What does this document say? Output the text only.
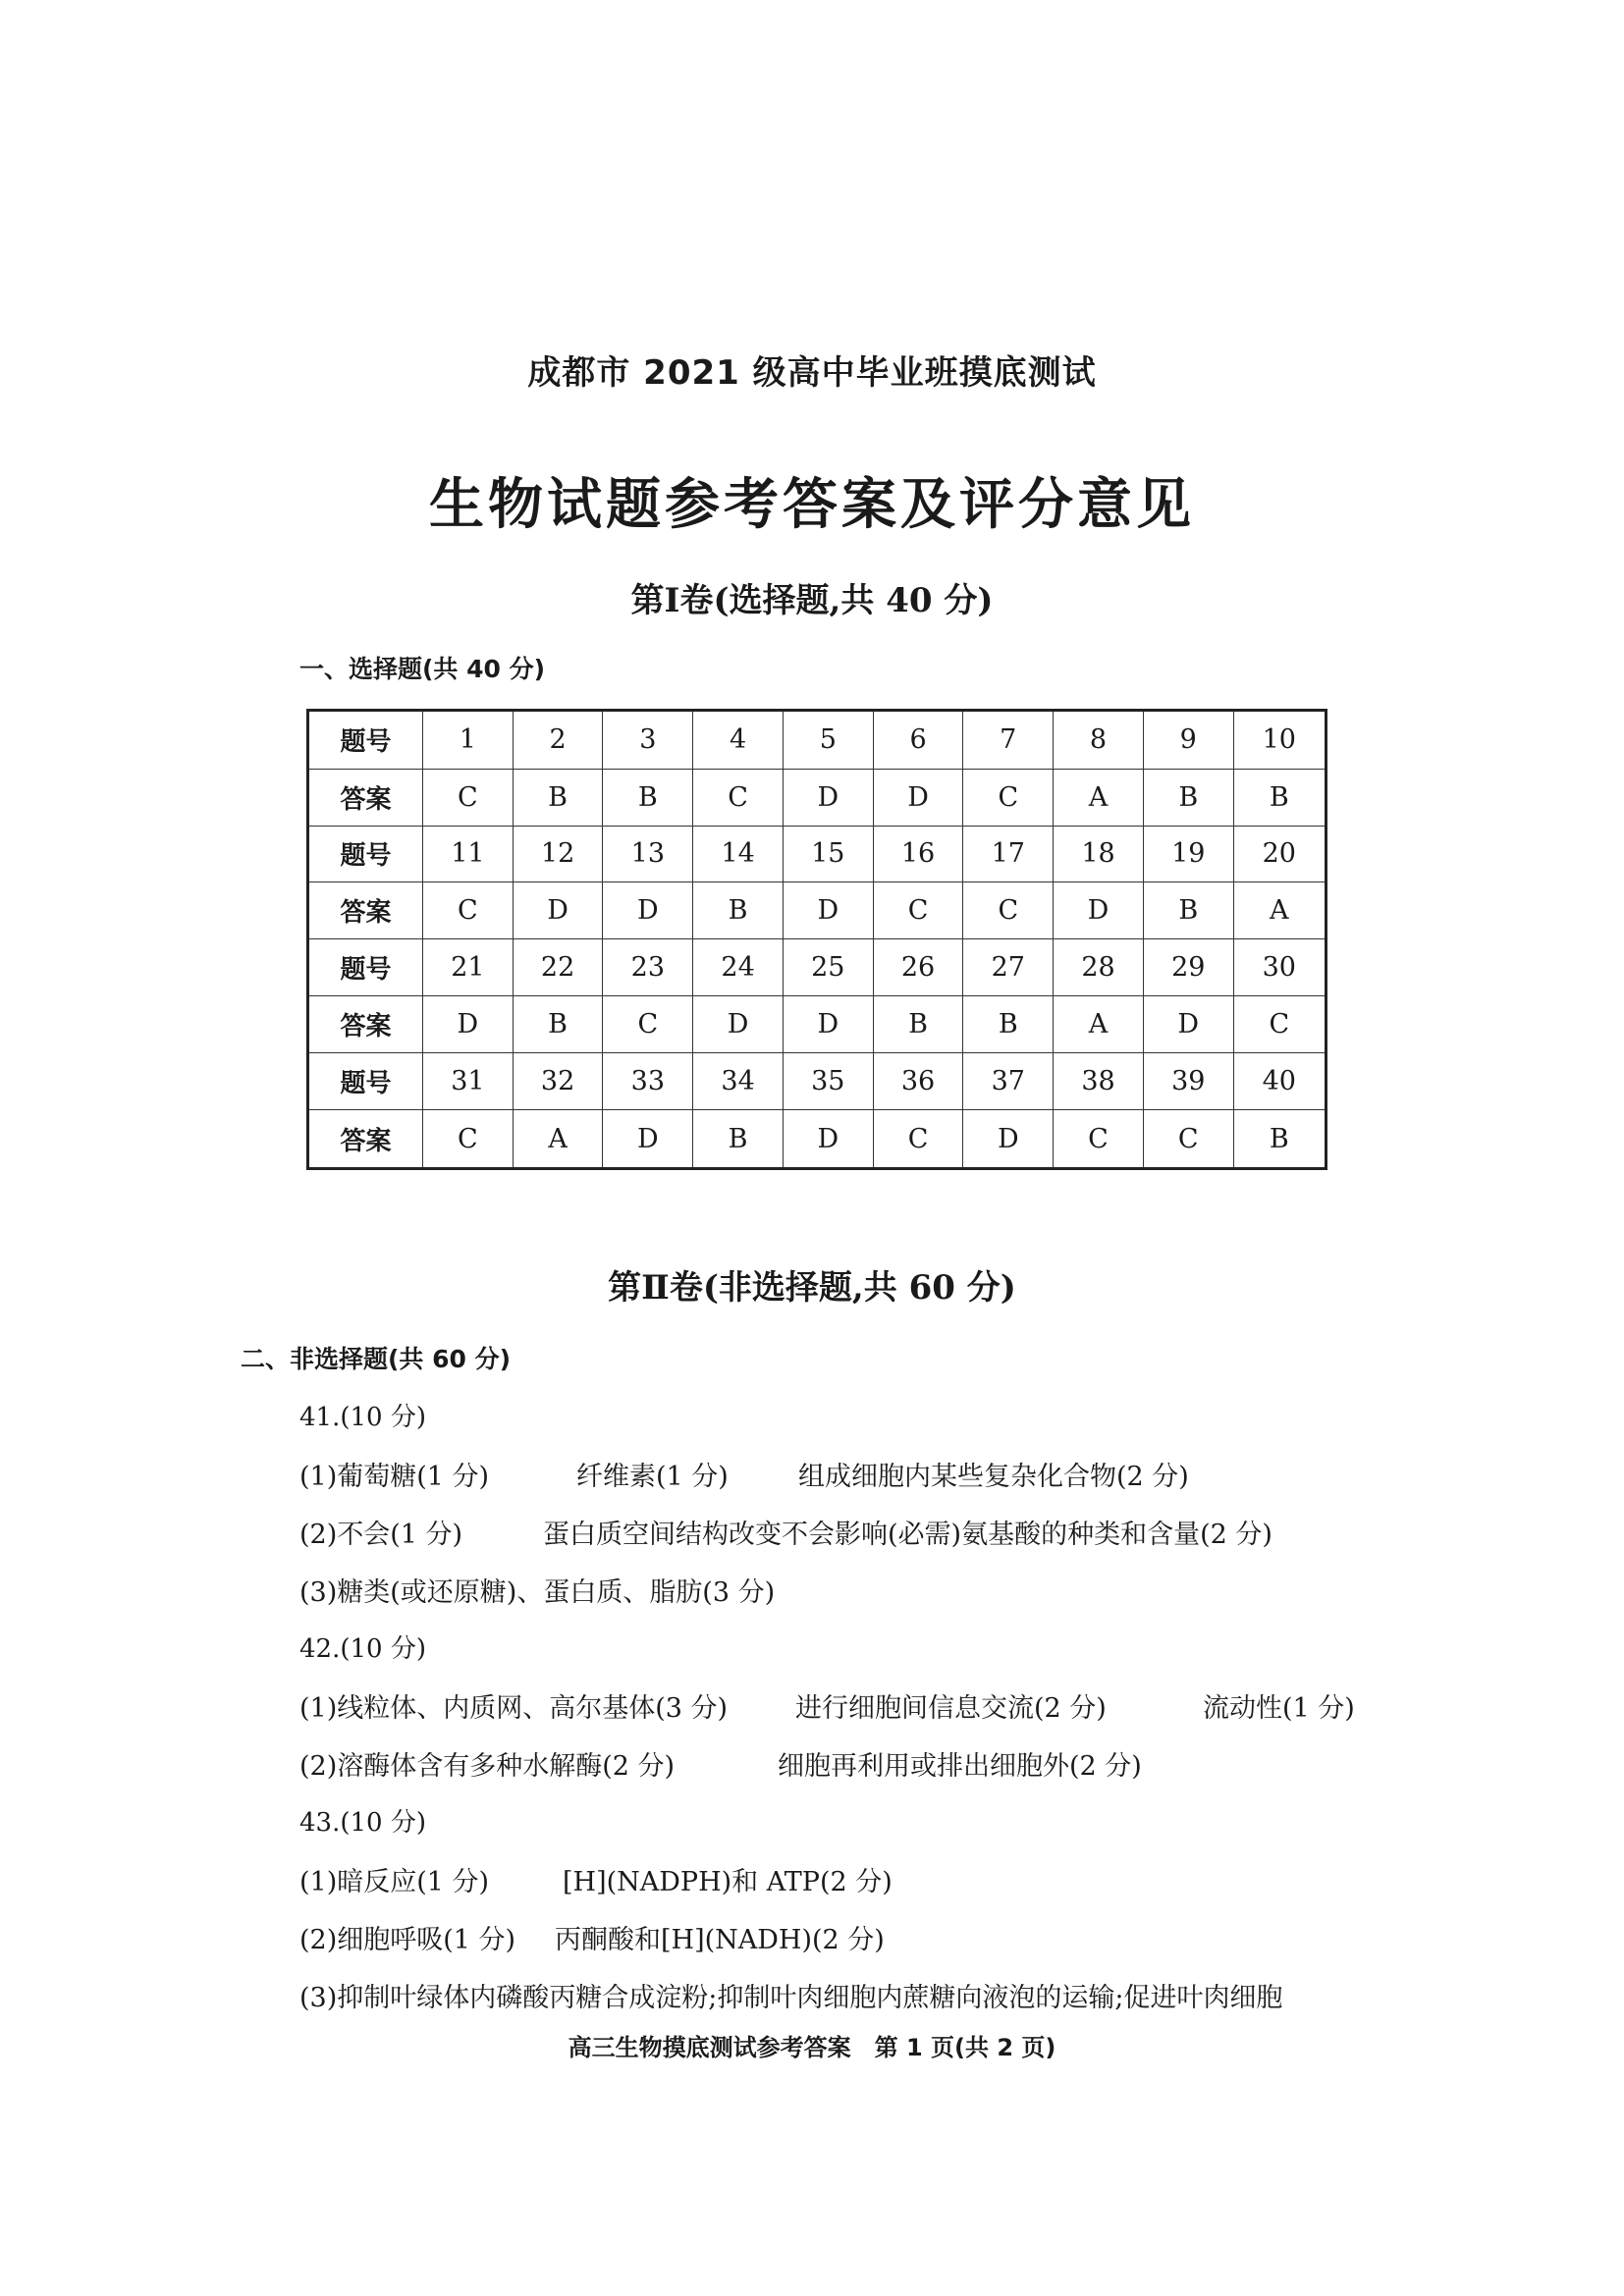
成都市 2021 级高中毕业班摸底测试
生物试题参考答案及评分意见
第Ⅰ卷(选择题,共 40 分)
一、选择题(共 40 分)
题号	1	2	3	4	5	6	7	8	9	10
答案	C	B	B	C	D	D	C	A	B	B
题号	11	12	13	14	15	16	17	18	19	20
答案	C	D	D	B	D	C	C	D	B	A
题号	21	22	23	24	25	26	27	28	29	30
答案	D	B	C	D	D	B	B	A	D	C
题号	31	32	33	34	35	36	37	38	39	40
答案	C	A	D	B	D	C	D	C	C	B
第Ⅱ卷(非选择题,共 60 分)
二、非选择题(共 60 分)
41.(10 分)
(1)葡萄糖(1 分)	纤维素(1 分)	组成细胞内某些复杂化合物(2 分)
(2)不会(1 分)	蛋白质空间结构改变不会影响(必需)氨基酸的种类和含量(2 分)
(3)糖类(或还原糖)、蛋白质、脂肪(3 分)
42.(10 分)
(1)线粒体、内质网、高尔基体(3 分)	进行细胞间信息交流(2 分)	流动性(1 分)
(2)溶酶体含有多种水解酶(2 分)	细胞再利用或排出细胞外(2 分)
43.(10 分)
(1)暗反应(1 分)	[H](NADPH)和 ATP(2 分)
(2)细胞呼吸(1 分) 丙酮酸和[H](NADH)(2 分)
(3)抑制叶绿体内磷酸丙糖合成淀粉;抑制叶肉细胞内蔗糖向液泡的运输;促进叶肉细胞
高三生物摸底测试参考答案　第 1 页(共 2 页)
